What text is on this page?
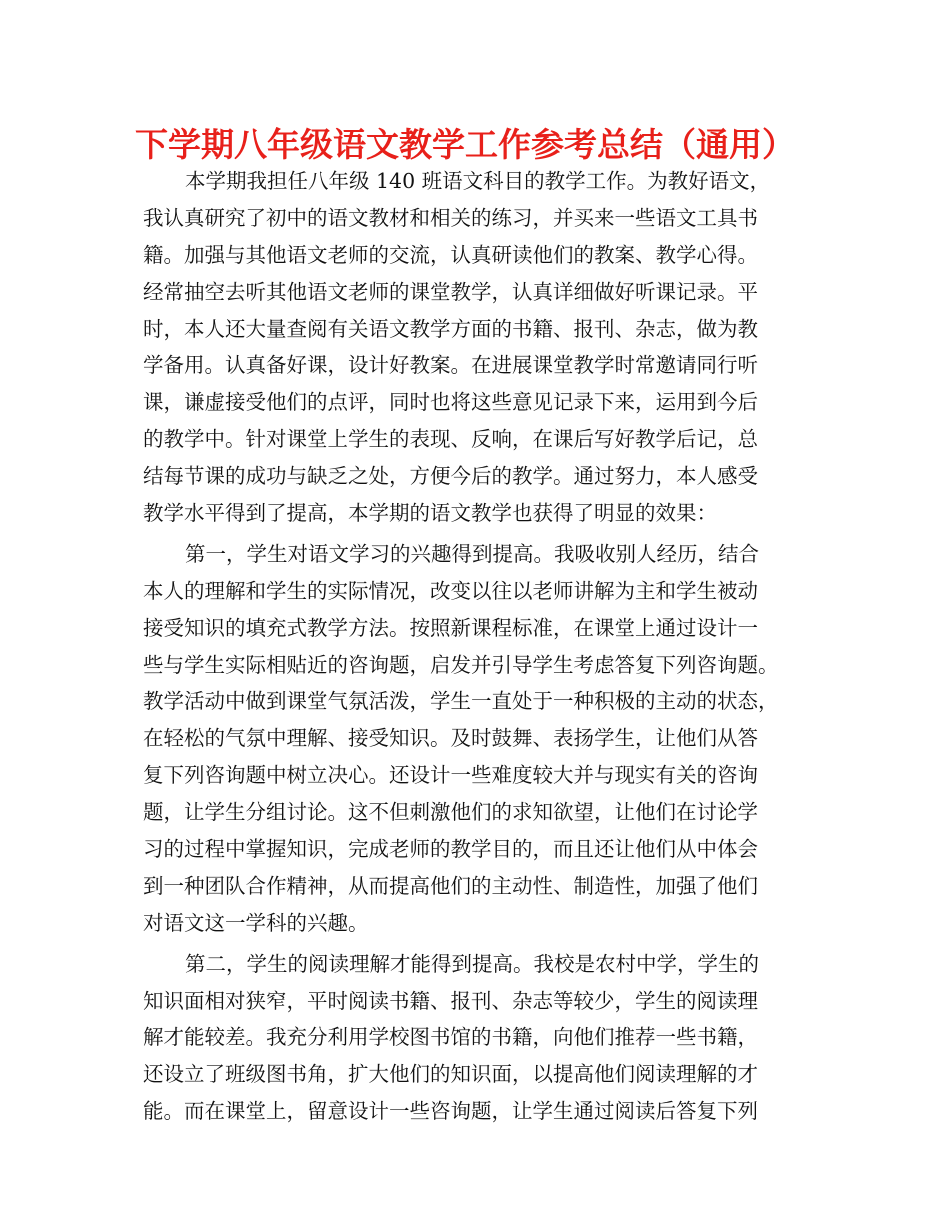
下学期八年级语文教学工作参考总结（通用）

本学期我担任八年级 140 班语文科目的教学工作。为教好语文，
我认真研究了初中的语文教材和相关的练习，并买来一些语文工具书
籍。加强与其他语文老师的交流，认真研读他们的教案、教学心得。
经常抽空去听其他语文老师的课堂教学，认真详细做好听课记录。平
时，本人还大量查阅有关语文教学方面的书籍、报刊、杂志，做为教
学备用。认真备好课，设计好教案。在进展课堂教学时常邀请同行听
课，谦虚接受他们的点评，同时也将这些意见记录下来，运用到今后
的教学中。针对课堂上学生的表现、反响，在课后写好教学后记，总
结每节课的成功与缺乏之处，方便今后的教学。通过努力，本人感受
教学水平得到了提高，本学期的语文教学也获得了明显的效果：

第一，学生对语文学习的兴趣得到提高。我吸收别人经历，结合
本人的理解和学生的实际情况，改变以往以老师讲解为主和学生被动
接受知识的填充式教学方法。按照新课程标准，在课堂上通过设计一
些与学生实际相贴近的咨询题，启发并引导学生考虑答复下列咨询题。
教学活动中做到课堂气氛活泼，学生一直处于一种积极的主动的状态，
在轻松的气氛中理解、接受知识。及时鼓舞、表扬学生，让他们从答
复下列咨询题中树立决心。还设计一些难度较大并与现实有关的咨询
题，让学生分组讨论。这不但刺激他们的求知欲望，让他们在讨论学
习的过程中掌握知识，完成老师的教学目的，而且还让他们从中体会
到一种团队合作精神，从而提高他们的主动性、制造性，加强了他们
对语文这一学科的兴趣。

第二，学生的阅读理解才能得到提高。我校是农村中学，学生的
知识面相对狭窄，平时阅读书籍、报刊、杂志等较少，学生的阅读理
解才能较差。我充分利用学校图书馆的书籍，向他们推荐一些书籍，
还设立了班级图书角，扩大他们的知识面，以提高他们阅读理解的才
能。而在课堂上，留意设计一些咨询题，让学生通过阅读后答复下列
